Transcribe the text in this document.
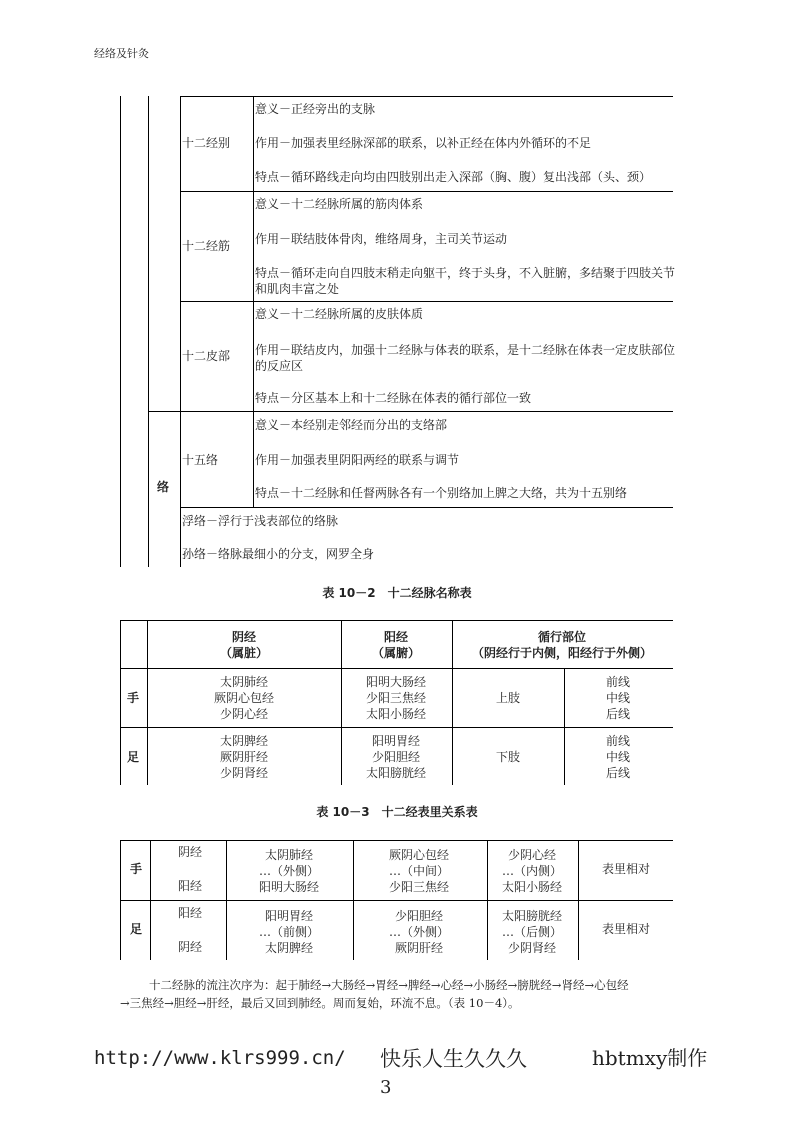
经络及针灸
十二经别
意义－正经旁出的支脉
作用－加强表里经脉深部的联系，以补正经在体内外循环的不足
特点－循环路线走向均由四肢别出走入深部（胸、腹）复出浅部（头、颈）
十二经筋
意义－十二经脉所属的筋肉体系
作用－联结肢体骨肉，维络周身，主司关节运动
特点－循环走向自四肢末稍走向躯干，终于头身，不入脏腑，多结聚于四肢关节
和肌肉丰富之处
十二皮部
意义－十二经脉所属的皮肤体质
作用－联结皮内，加强十二经脉与体表的联系，是十二经脉在体表一定皮肤部位
的反应区
特点－分区基本上和十二经脉在体表的循行部位一致
十五络
意义－本经别走邻经而分出的支络部
作用－加强表里阴阳两经的联系与调节
特点－十二经脉和任督两脉各有一个别络加上脾之大络，共为十五别络
络
浮络－浮行于浅表部位的络脉
孙络－络脉最细小的分支，网罗全身
表 10－2　十二经脉名称表
阴经
（属脏）
阳经
（属腑）
循行部位
（阴经行于内侧，阳经行于外侧）
手
太阴肺经
厥阴心包经
少阴心经
阳明大肠经
少阳三焦经
太阳小肠经
上肢
前线
中线
后线
足
太阴脾经
厥阴肝经
少阴肾经
阳明胃经
少阳胆经
太阳膀胱经
下肢
前线
中线
后线
表 10－3　十二经表里关系表
手
阴经
阳经
太阴肺经
…（外侧）
阳明大肠经
厥阴心包经
…（中间）
少阳三焦经
少阴心经
…（内侧）
太阳小肠经
表里相对
足
阳经
阴经
阳明胃经
…（前侧）
太阴脾经
少阳胆经
…（外侧）
厥阴肝经
太阳膀胱经
…（后侧）
少阴肾经
表里相对
十二经脉的流注次序为：起于肺经→大肠经→胃经→脾经→心经→小肠经→膀胱经→肾经→心包经
→三焦经→胆经→肝经，最后又回到肺经。周而复始，环流不息。（表 10－4）。
http://www.klrs999.cn/ 快乐人生久久久	hbtmxy制作
3
